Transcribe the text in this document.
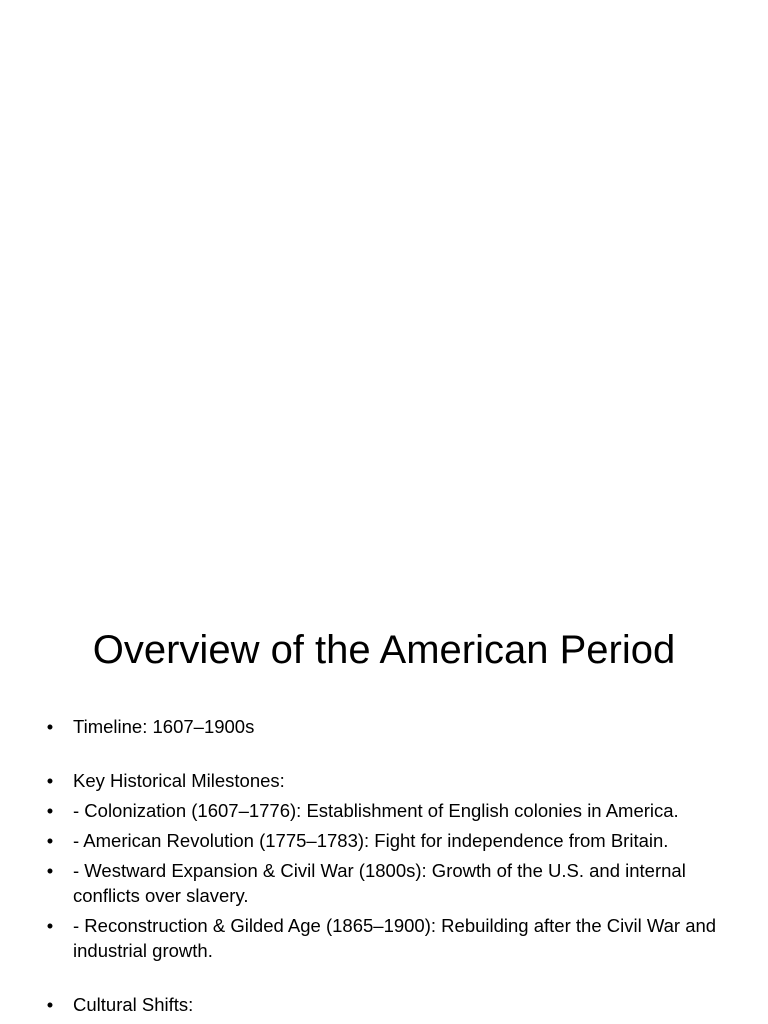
Overview of the American Period
• Timeline: 1607–1900s
• Key Historical Milestones:
• - Colonization (1607–1776): Establishment of English colonies in America.
• - American Revolution (1775–1783): Fight for independence from Britain.
• - Westward Expansion & Civil War (1800s): Growth of the U.S. and internal conflicts over slavery.
• - Reconstruction & Gilded Age (1865–1900): Rebuilding after the Civil War and industrial growth.
• Cultural Shifts:
